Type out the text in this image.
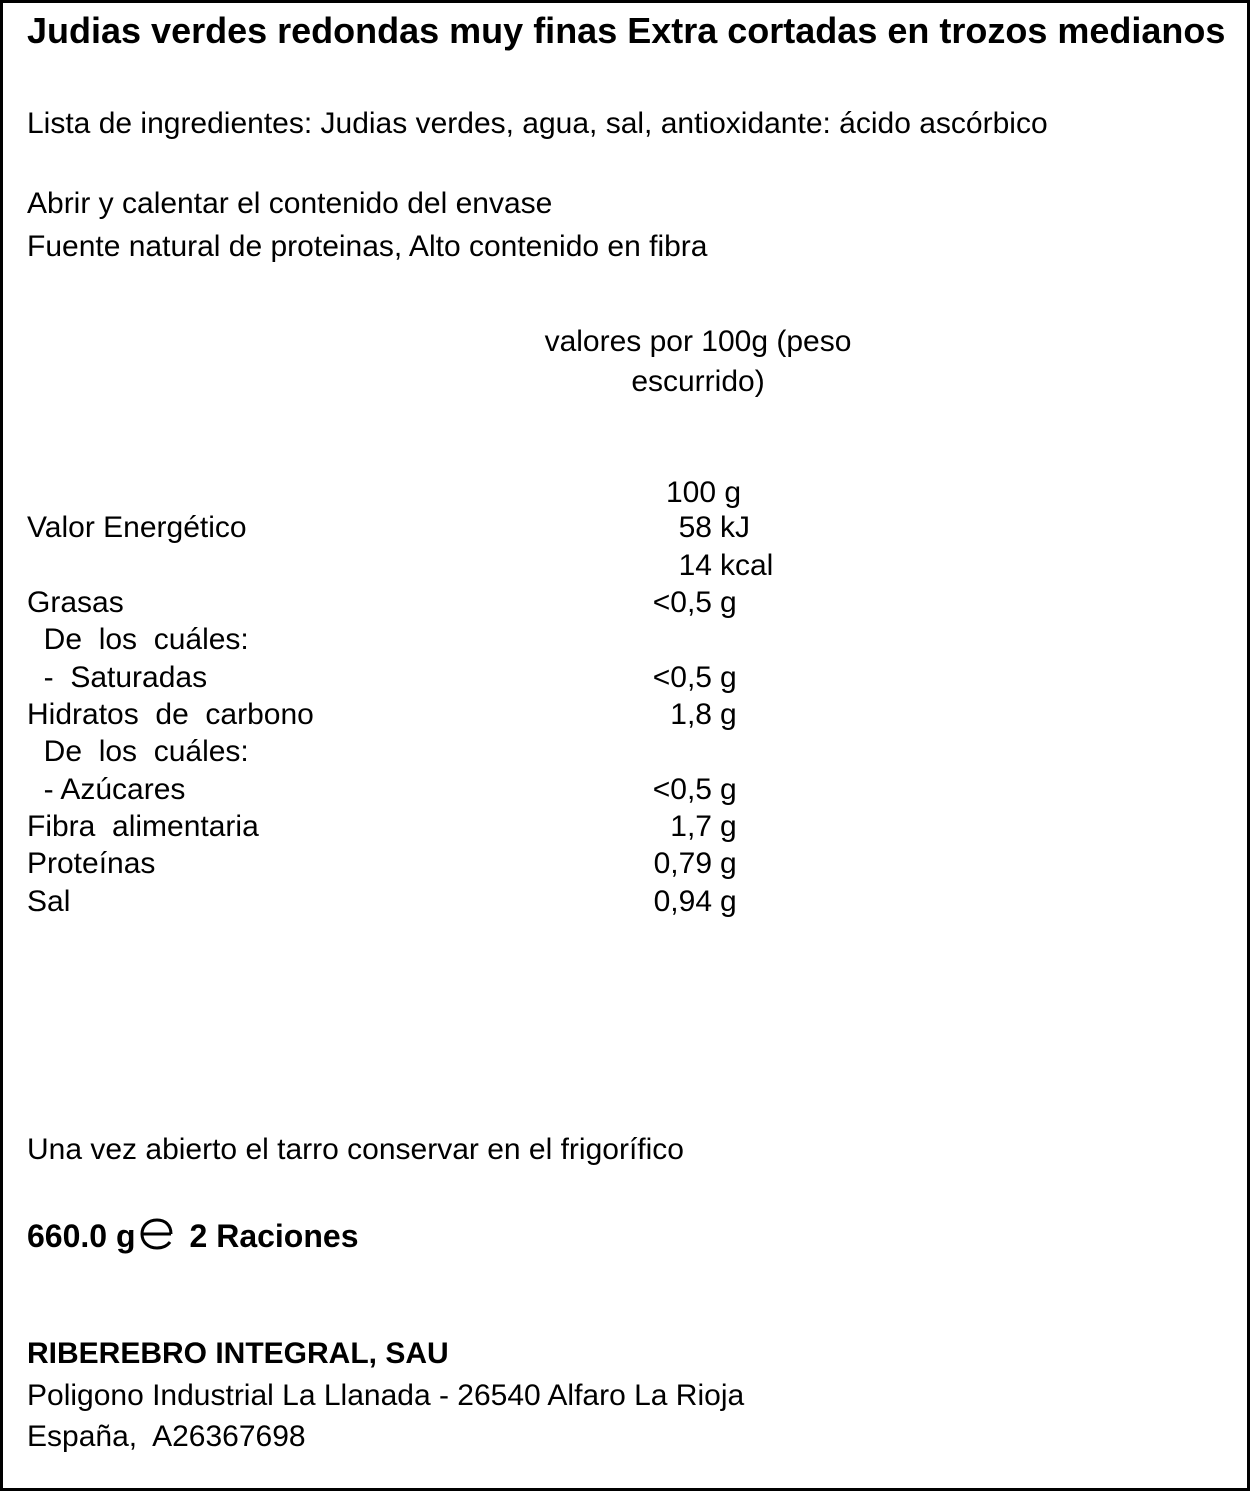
Judias verdes redondas muy finas Extra cortadas en trozos medianos
Lista de ingredientes: Judias verdes, agua, sal, antioxidante: ácido ascórbico
Abrir y calentar el contenido del envase
Fuente natural de proteinas, Alto contenido en fibra
valores por 100g (peso
escurrido)
100 g
Valor Energético	58 kJ
14 kcal
Grasas	<0,5 g
De  los  cuáles:
-  Saturadas	<0,5 g
Hidratos  de  carbono	1,8 g
De  los  cuáles:
- Azúcares	<0,5 g
Fibra  alimentaria	1,7 g
Proteínas	0,79 g
Sal	0,94 g
Una vez abierto el tarro conservar en el frigorífico
660.0 g 2 Raciones
RIBEREBRO INTEGRAL, SAU
Poligono Industrial La Llanada - 26540 Alfaro La Rioja
España,  A26367698
